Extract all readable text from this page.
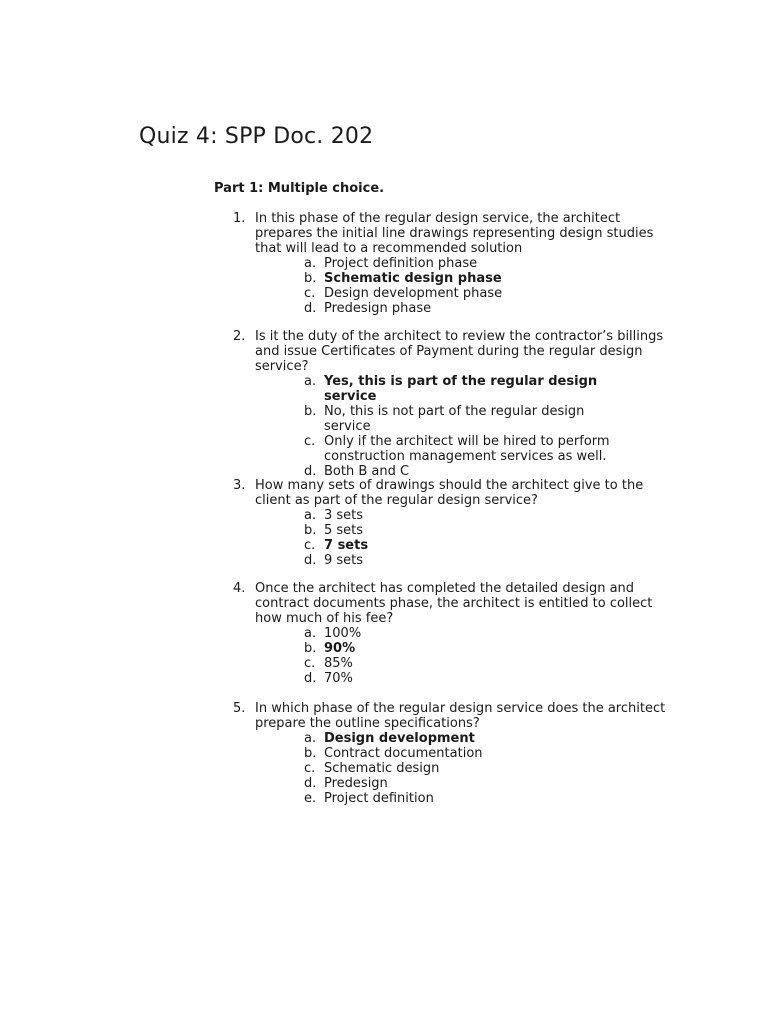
Quiz 4: SPP Doc. 202
Part 1: Multiple choice.
1. In this phase of the regular design service, the architect prepares the initial line drawings representing design studies that will lead to a recommended solution
a. Project definition phase
b. Schematic design phase
c. Design development phase
d. Predesign phase
2. Is it the duty of the architect to review the contractor’s billings and issue Certificates of Payment during the regular design service?
a. Yes, this is part of the regular design service
b. No, this is not part of the regular design service
c. Only if the architect will be hired to perform construction management services as well.
d. Both B and C
3. How many sets of drawings should the architect give to the client as part of the regular design service?
a. 3 sets
b. 5 sets
c. 7 sets
d. 9 sets
4. Once the architect has completed the detailed design and contract documents phase, the architect is entitled to collect how much of his fee?
a. 100%
b. 90%
c. 85%
d. 70%
5. In which phase of the regular design service does the architect prepare the outline specifications?
a. Design development
b. Contract documentation
c. Schematic design
d. Predesign
e. Project definition
